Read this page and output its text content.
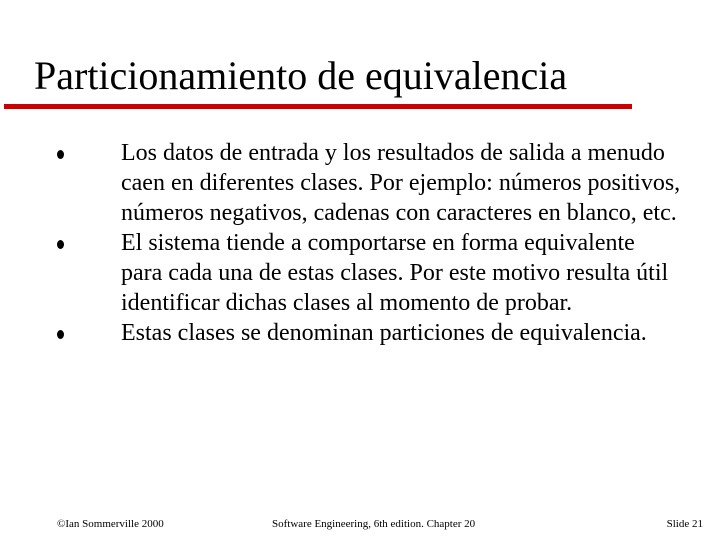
Particionamiento de equivalencia
Los datos de entrada y los resultados de salida a menudo caen en diferentes clases. Por ejemplo: números positivos, números negativos, cadenas con caracteres en blanco, etc.
El sistema tiende a comportarse en forma equivalente para cada una de estas clases. Por este motivo resulta útil identificar dichas clases al momento de probar.
Estas clases se denominan particiones de equivalencia.
©Ian Sommerville 2000	Software Engineering, 6th edition. Chapter 20	Slide 21
